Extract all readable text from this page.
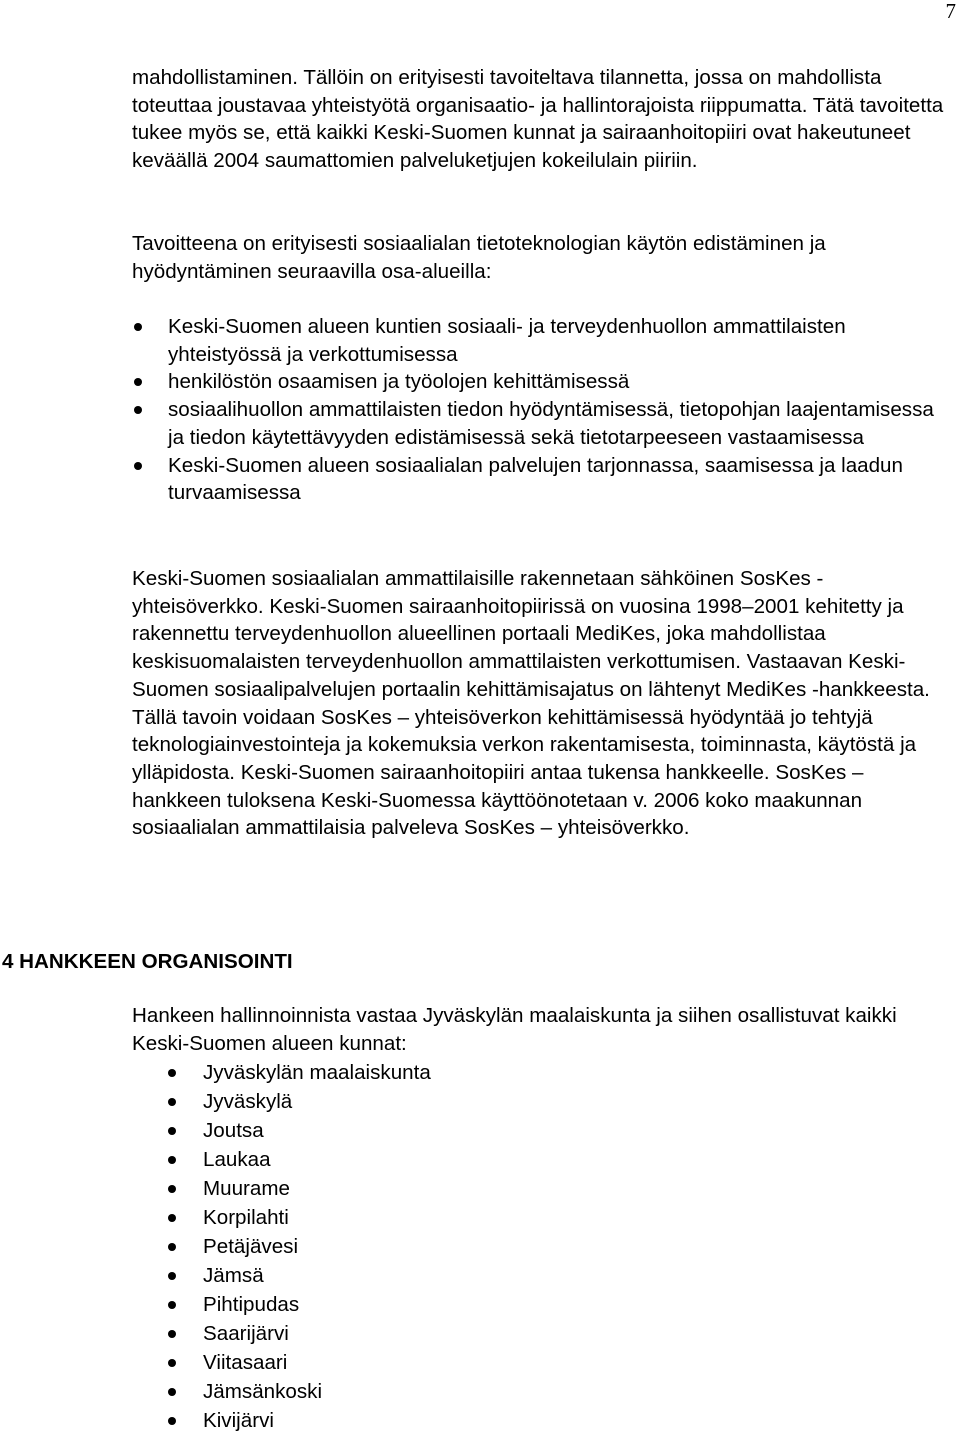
7

mahdollistaminen. Tällöin on erityisesti tavoiteltava tilannetta, jossa on mahdollista toteuttaa joustavaa yhteistyötä organisaatio- ja hallintorajoista riippumatta. Tätä tavoitetta tukee myös se, että kaikki Keski-Suomen kunnat ja sairaanhoitopiiri ovat hakeutuneet keväällä 2004 saumattomien palveluketjujen kokeilulain piiriin.

Tavoitteena on erityisesti sosiaalialan tietoteknologian käytön edistäminen ja hyödyntäminen seuraavilla osa-alueilla:

Keski-Suomen alueen kuntien sosiaali- ja terveydenhuollon ammattilaisten yhteistyössä ja verkottumisessa
henkilöstön osaamisen ja työolojen kehittämisessä
sosiaalihuollon ammattilaisten tiedon hyödyntämisessä, tietopohjan laajentamisessa ja tiedon käytettävyyden edistämisessä sekä tietotarpeeseen vastaamisessa
Keski-Suomen alueen sosiaalialan palvelujen tarjonnassa, saamisessa ja laadun turvaamisessa

Keski-Suomen sosiaalialan ammattilaisille rakennetaan sähköinen SosKes -yhteisöverkko. Keski-Suomen sairaanhoitopiirissä on vuosina 1998–2001 kehitetty ja rakennettu terveydenhuollon alueellinen portaali MediKes, joka mahdollistaa keskisuomalaisten terveydenhuollon ammattilaisten verkottumisen. Vastaavan Keski-Suomen sosiaalipalvelujen portaalin kehittämisajatus on lähtenyt MediKes -hankkeesta. Tällä tavoin voidaan SosKes – yhteisöverkon kehittämisessä hyödyntää jo tehtyjä teknologiainvestointeja ja kokemuksia verkon rakentamisesta, toiminnasta, käytöstä ja ylläpidosta. Keski-Suomen sairaanhoitopiiri antaa tukensa hankkeelle. SosKes – hankkeen tuloksena Keski-Suomessa käyttöönotetaan v. 2006 koko maakunnan sosiaalialan ammattilaisia palveleva SosKes – yhteisöverkko.

4 HANKKEEN ORGANISOINTI

Hankeen hallinnoinnista vastaa Jyväskylän maalaiskunta ja siihen osallistuvat kaikki Keski-Suomen alueen kunnat:

Jyväskylän maalaiskunta
Jyväskylä
Joutsa
Laukaa
Muurame
Korpilahti
Petäjävesi
Jämsä
Pihtipudas
Saarijärvi
Viitasaari
Jämsänkoski
Kivijärvi
